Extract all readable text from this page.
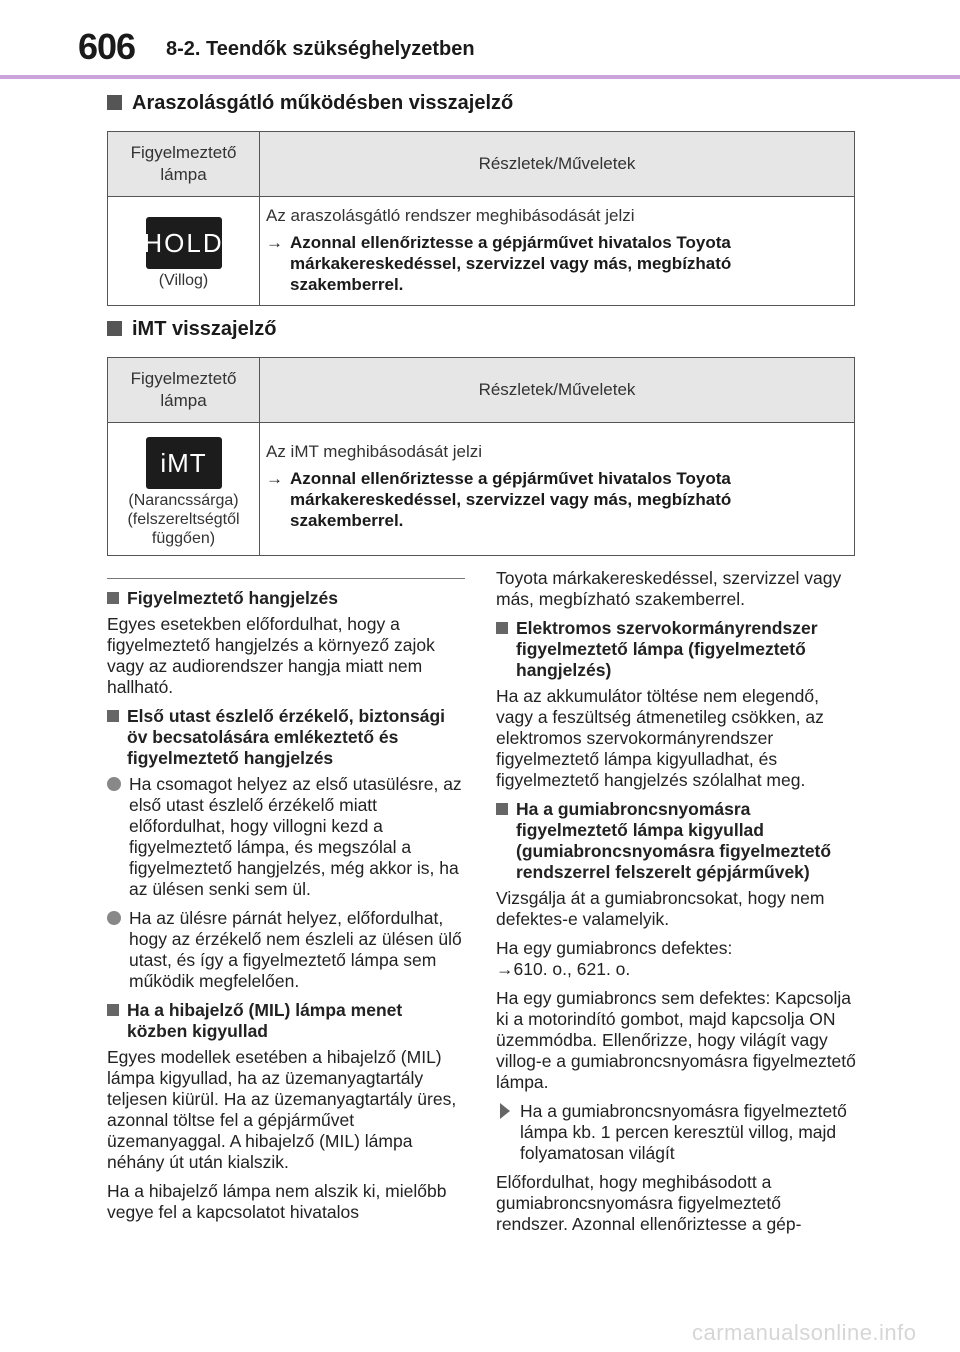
606 8-2. Teendők szükséghelyzetben
Araszolásgátló működésben visszajelző
Figyelmeztető
lámpa
Részletek/Műveletek
HOLD
(Villog)
Az araszolásgátló rendszer meghibásodását jelzi
→ Azonnal ellenőriztesse a gépjárművet hivatalos Toyota márkakereskedéssel, szervizzel vagy más, megbízható szakemberrel.
iMT visszajelző
Figyelmeztető
lámpa
Részletek/Műveletek
iMT
(Narancssárga)
(felszereltségtől
függően)
Az iMT meghibásodását jelzi
→ Azonnal ellenőriztesse a gépjárművet hivatalos Toyota márkakereskedéssel, szervizzel vagy más, megbízható szakemberrel.
Figyelmeztető hangjelzés

Egyes esetekben előfordulhat, hogy a figyelmeztető hangjelzés a környező zajok vagy az audiorendszer hangja miatt nem hallható.

Első utast észlelő érzékelő, biztonsági öv becsatolására emlékeztető és figyelmeztető hangjelzés
Ha csomagot helyez az első utasülésre, az első utast észlelő érzékelő miatt előfordulhat, hogy villogni kezd a figyelmeztető lámpa, és megszólal a figyelmeztető hangjelzés, még akkor is, ha az ülésen senki sem ül.
Ha az ülésre párnát helyez, előfordulhat, hogy az érzékelő nem észleli az ülésen ülő utast, és így a figyelmeztető lámpa sem működik megfelelően.
Ha a hibajelző (MIL) lámpa menet közben kigyullad

Egyes modellek esetében a hibajelző (MIL) lámpa kigyullad, ha az üzemanyagtartály teljesen kiürül. Ha az üzemanyagtartály üres, azonnal töltse fel a gépjárművet üzemanyaggal. A hibajelző (MIL) lámpa néhány út után kialszik.

Ha a hibajelző lámpa nem alszik ki, mielőbb vegye fel a kapcsolatot hivatalos

Toyota márkakereskedéssel, szervizzel vagy más, megbízható szakemberrel.

Elektromos szervokormányrendszer figyelmeztető lámpa (figyelmeztető hangjelzés)

Ha az akkumulátor töltése nem elegendő, vagy a feszültség átmenetileg csökken, az elektromos szervokormányrendszer figyelmeztető lámpa kigyulladhat, és figyelmeztető hangjelzés szólalhat meg.

Ha a gumiabroncsnyomásra figyelmeztető lámpa kigyullad (gumiabroncsnyomásra figyelmeztető rendszerrel felszerelt gépjárművek)

Vizsgálja át a gumiabroncsokat, hogy nem defektes-e valamelyik.

Ha egy gumiabroncs defektes:

→610. o., 621. o.

Ha egy gumiabroncs sem defektes: Kapcsolja ki a motorindító gombot, majd kapcsolja ON üzemmódba. Ellenőrizze, hogy világít vagy villog-e a gumiabroncsnyomásra figyelmeztető lámpa.

Ha a gumiabroncsnyomásra figyelmeztető lámpa kb. 1 percen keresztül villog, majd folyamatosan világít

Előfordulhat, hogy meghibásodott a gumiabroncsnyomásra figyelmeztető rendszer. Azonnal ellenőriztesse a gép-

carmanualsonline.info
